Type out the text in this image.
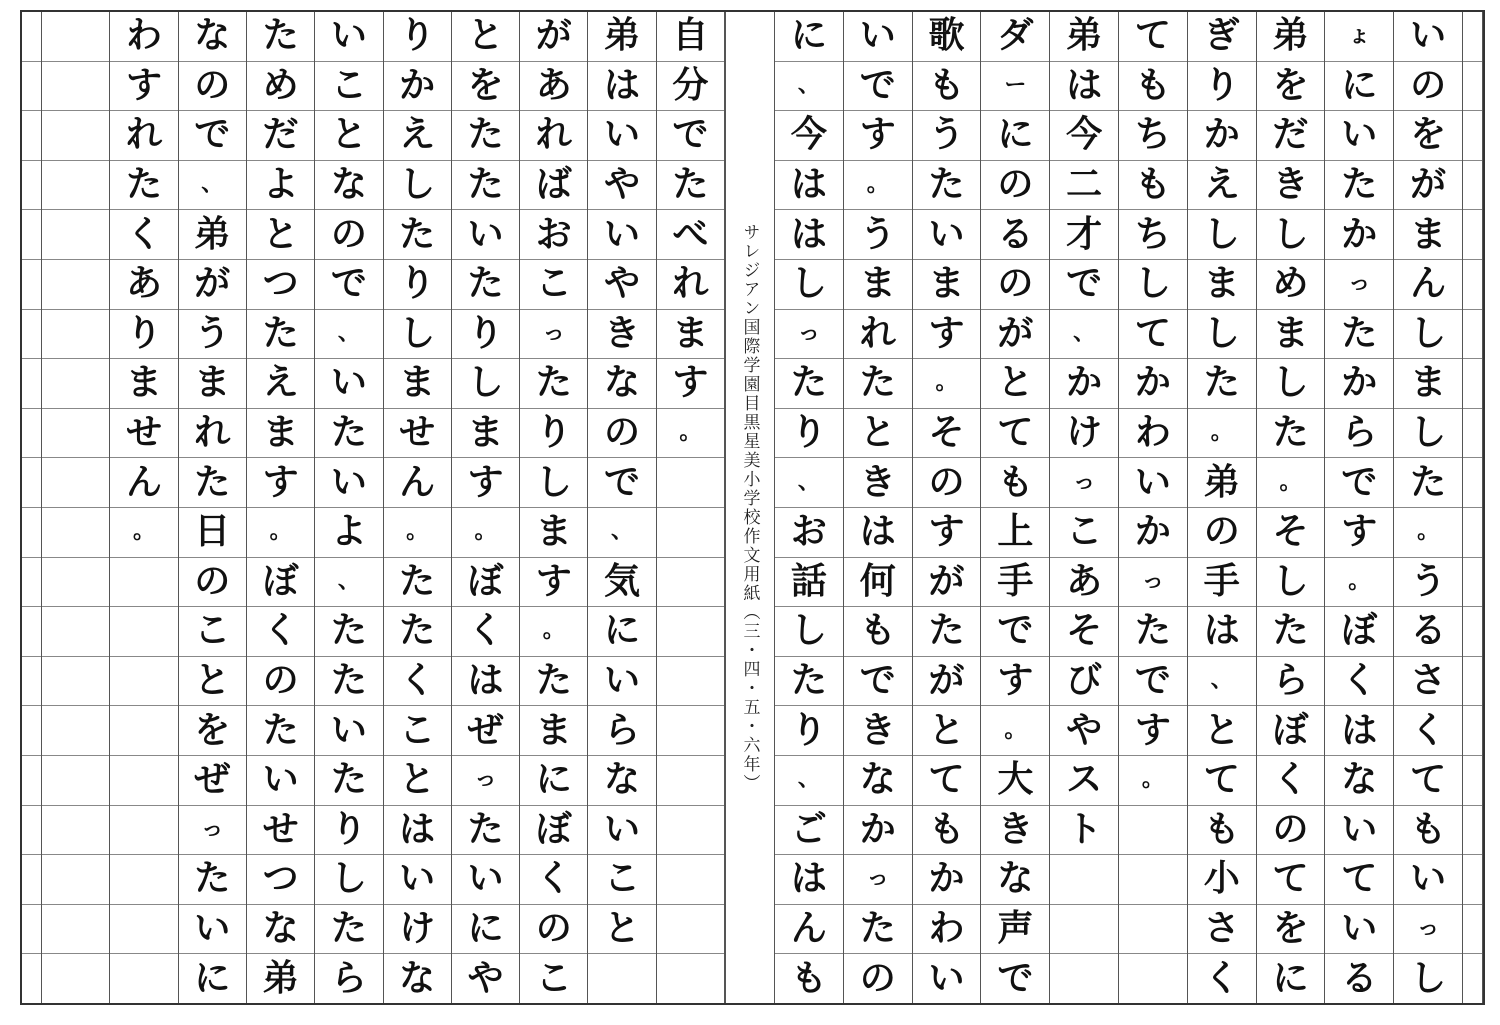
い
の
を
が
ま
ん
し
ま
し
た
。
う
る
さ
く
て
も
い
っ
し
ょ
に
い
た
か
っ
た
か
ら
で
す
。
ぼ
く
は
な
い
て
い
る
弟
を
だ
き
し
め
ま
し
た
。
そ
し
た
ら
ぼ
く
の
て
を
に
ぎ
り
か
え
し
ま
し
た
。
弟
の
手
は
、
と
て
も
小
さ
く
て
も
ち
も
ち
し
て
か
わ
い
か
っ
た
で
す
。
弟
は
今
二
才
で
、
か
け
っ
こ
あ
そ
び
や
ス
ト
ダ
ー
に
の
る
の
が
と
て
も
上
手
で
す
。
大
き
な
声
で
歌
も
う
た
い
ま
す
。
そ
の
す
が
た
が
と
て
も
か
わ
い
い
で
す
。
う
ま
れ
た
と
き
は
何
も
で
き
な
か
っ
た
の
に
、
今
は
は
し
っ
た
り
、
お
話
し
た
り
、
ご
は
ん
も
サレジアン国際学園目黒星美小学校作文用紙（三・四・五・六年）
自
分
で
た
べ
れ
ま
す
。
弟
は
い
や
い
や
き
な
の
で
、
気
に
い
ら
な
い
こ
と
が
あ
れ
ば
お
こ
っ
た
り
し
ま
す
。
た
ま
に
ぼ
く
の
こ
と
を
た
た
い
た
り
し
ま
す
。
ぼ
く
は
ぜ
っ
た
い
に
や
り
か
え
し
た
り
し
ま
せ
ん
。
た
た
く
こ
と
は
い
け
な
い
こ
と
な
の
で
、
い
た
い
よ
、
た
た
い
た
り
し
た
ら
た
め
だ
よ
と
つ
た
え
ま
す
。
ぼ
く
の
た
い
せ
つ
な
弟
な
の
で
、
弟
が
う
ま
れ
た
日
の
こ
と
を
ぜ
っ
た
い
に
わ
す
れ
た
く
あ
り
ま
せ
ん
。
